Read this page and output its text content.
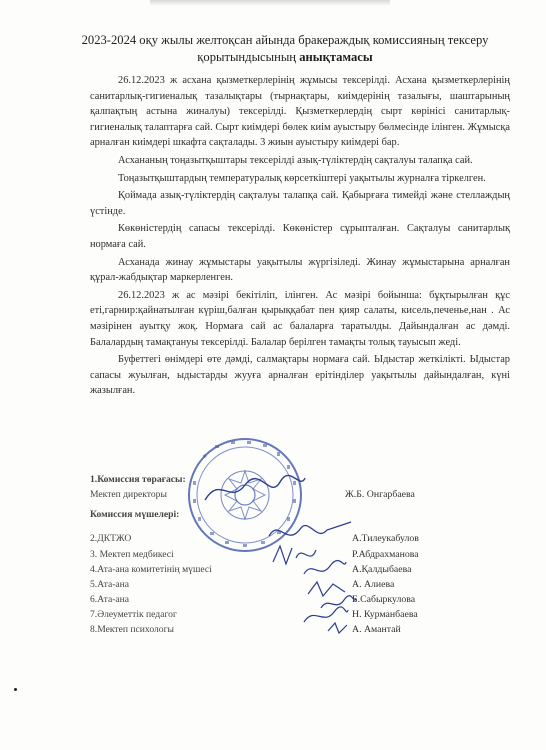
2023-2024 оқу жылы желтоқсан айында бракераждық комиссияның тексеру
қорытындысының анықтамасы

26.12.2023 ж асхана қызметкерлерінің жұмысы тексерілді. Асхана қызметкерлерінің санитарлық-гигиеналық тазалықтары (тырнақтары, киімдерінің тазалығы, шаштарының қалпақтың астына жиналуы) тексерілді. Қызметкерлердің сырт көрінісі санитарлық-гигиеналық талаптарға сай. Сырт киімдері бөлек киім ауыстыру бөлмесінде ілінген. Жұмысқа арналған киімдері шкафта сақталады. 3 жиын ауыстыру киімдері бар.

Асхананың тоңазытқыштары тексерілді азық-түліктердің сақталуы талапқа сай.

Тоңазытқыштардың температуралық көрсеткіштері уақытылы журналға тіркелген.

Қоймада азық-түліктердің сақталуы талапқа сай. Қабырғаға тимейді және стеллаждың үстінде.

Көкөністердің сапасы тексерілді. Көкөністер сұрыпталған. Сақталуы санитарлық нормаға сай.

Асханада жинау жұмыстары уақытылы жүргізіледі. Жинау жұмыстарына арналған құрал-жабдықтар маркерленген.

26.12.2023 ж ас мәзірі бекітіліп, ілінген. Ас мәзірі бойынша: бұқтырылған құс еті,гарнир:қайнатылған күріш,балған қырыққабат пен қияр салаты, кисель,печенье,нан . Ас мәзірінен ауытқу жоқ. Нормаға сай ас балаларға таратылды. Дайындалған ас дәмді. Балалардың тамақтануы тексерілді. Балалар берілген тамақты толық тауысып жеді.

Буфеттегі өнімдері өте дәмді, салмақтары нормаға сай. Ыдыстар жеткілікті. Ыдыстар сапасы жуылған, ыдыстарды жууға арналған ерітінділер уақытылы дайындалған, күні жазылған.

1.Комиссия төрағасы:
Мектеп директоры	Ж.Б. Онгарбаева
Комиссия мүшелері:
2.ДКТЖО	А.Тилеукабулов
3. Мектеп медбикесі	Р.Абдрахманова
4.Ата-ана комитетінің мүшесі	А.Қалдыбаева
5.Ата-ана	А. Алиева
6.Ата-ана	Б.Сабыркулова
7.Әлеуметтік педагог	Н. Курманбаева
8.Мектеп психологы	А. Амантай
